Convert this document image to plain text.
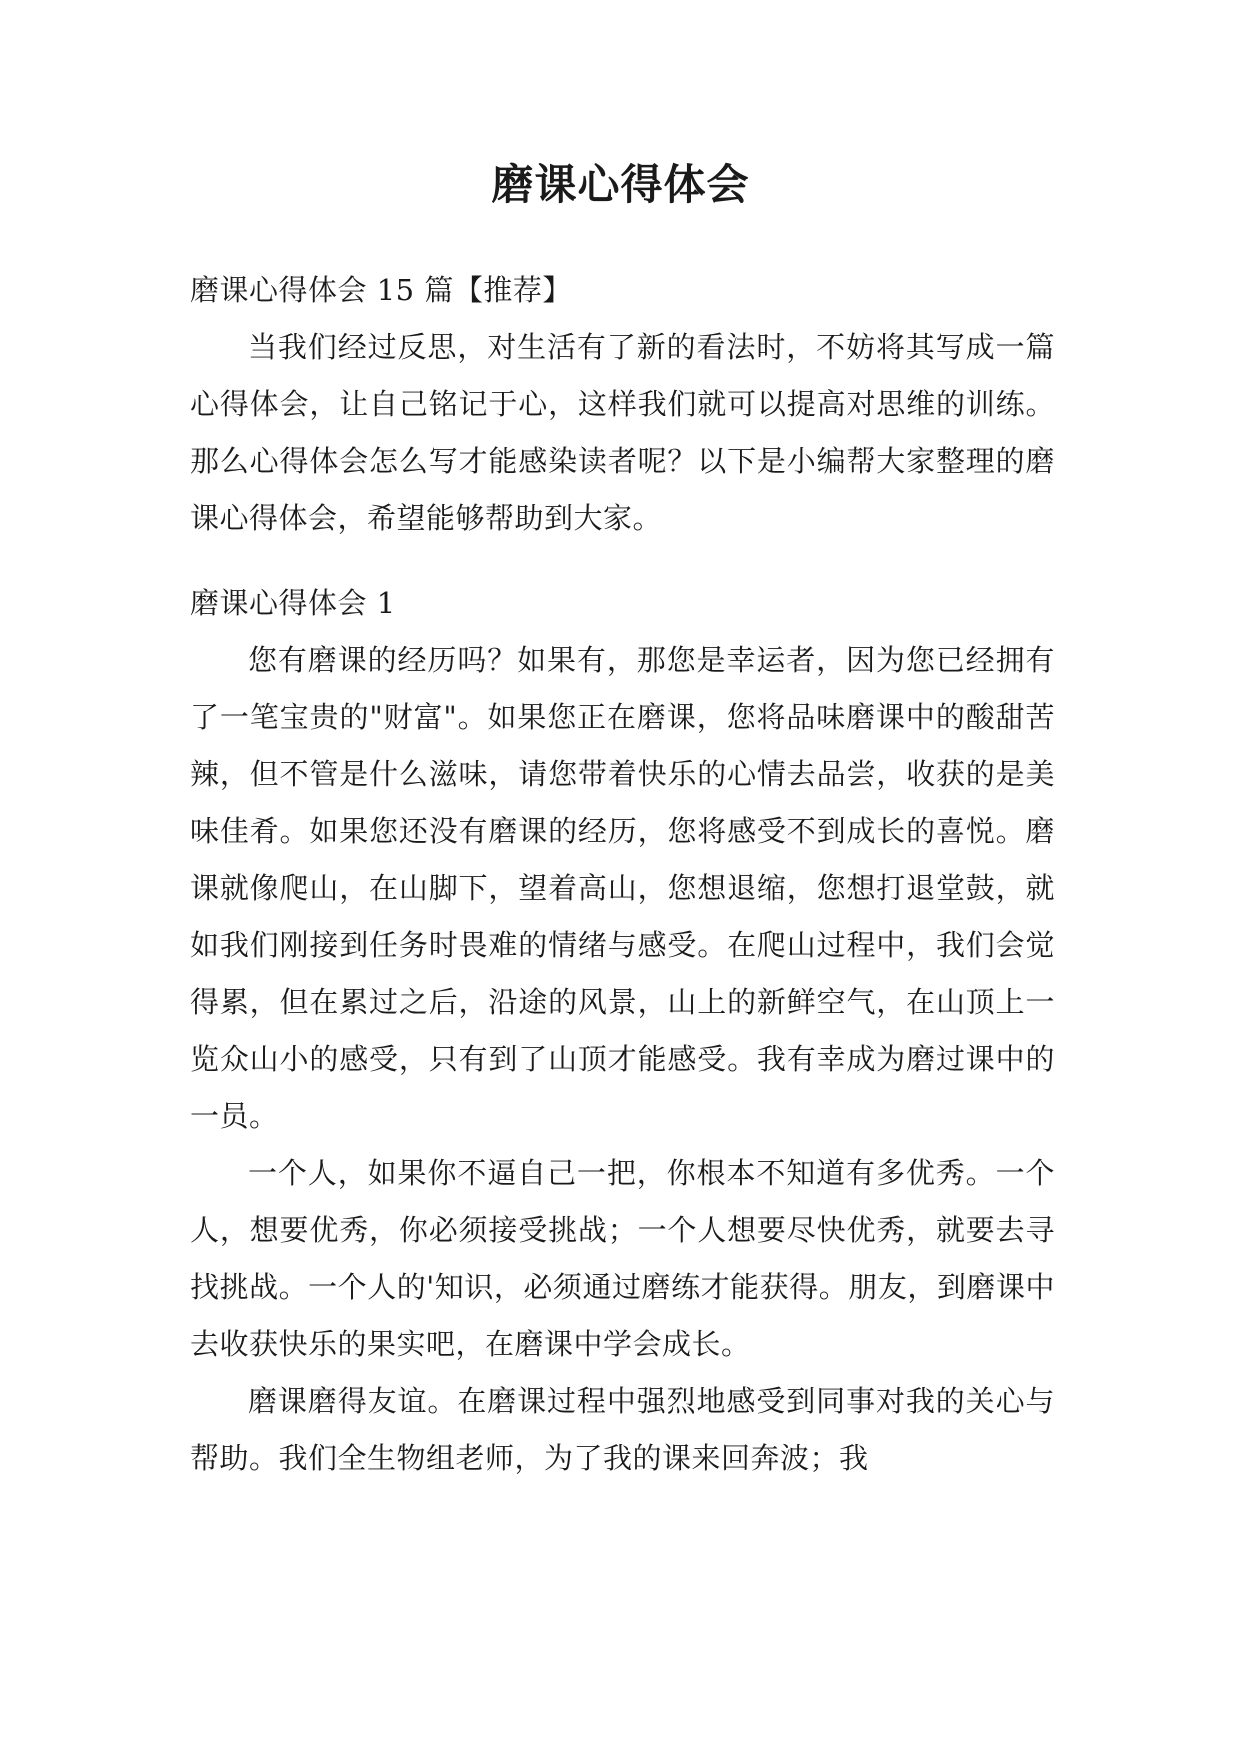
磨课心得体会

磨课心得体会 15 篇【推荐】

当我们经过反思，对生活有了新的看法时，不妨将其写成一篇心得体会，让自己铭记于心，这样我们就可以提高对思维的训练。那么心得体会怎么写才能感染读者呢？以下是小编帮大家整理的磨课心得体会，希望能够帮助到大家。

磨课心得体会 1

您有磨课的经历吗？如果有，那您是幸运者，因为您已经拥有了一笔宝贵的"财富"。如果您正在磨课，您将品味磨课中的酸甜苦辣，但不管是什么滋味，请您带着快乐的心情去品尝，收获的是美味佳肴。如果您还没有磨课的经历，您将感受不到成长的喜悦。磨课就像爬山，在山脚下，望着高山，您想退缩，您想打退堂鼓，就如我们刚接到任务时畏难的情绪与感受。在爬山过程中，我们会觉得累，但在累过之后，沿途的风景，山上的新鲜空气，在山顶上一览众山小的感受，只有到了山顶才能感受。我有幸成为磨过课中的一员。

一个人，如果你不逼自己一把，你根本不知道有多优秀。一个人，想要优秀，你必须接受挑战；一个人想要尽快优秀，就要去寻找挑战。一个人的'知识，必须通过磨练才能获得。朋友，到磨课中去收获快乐的果实吧，在磨课中学会成长。

磨课磨得友谊。在磨课过程中强烈地感受到同事对我的关心与帮助。我们全生物组老师，为了我的课来回奔波；我
